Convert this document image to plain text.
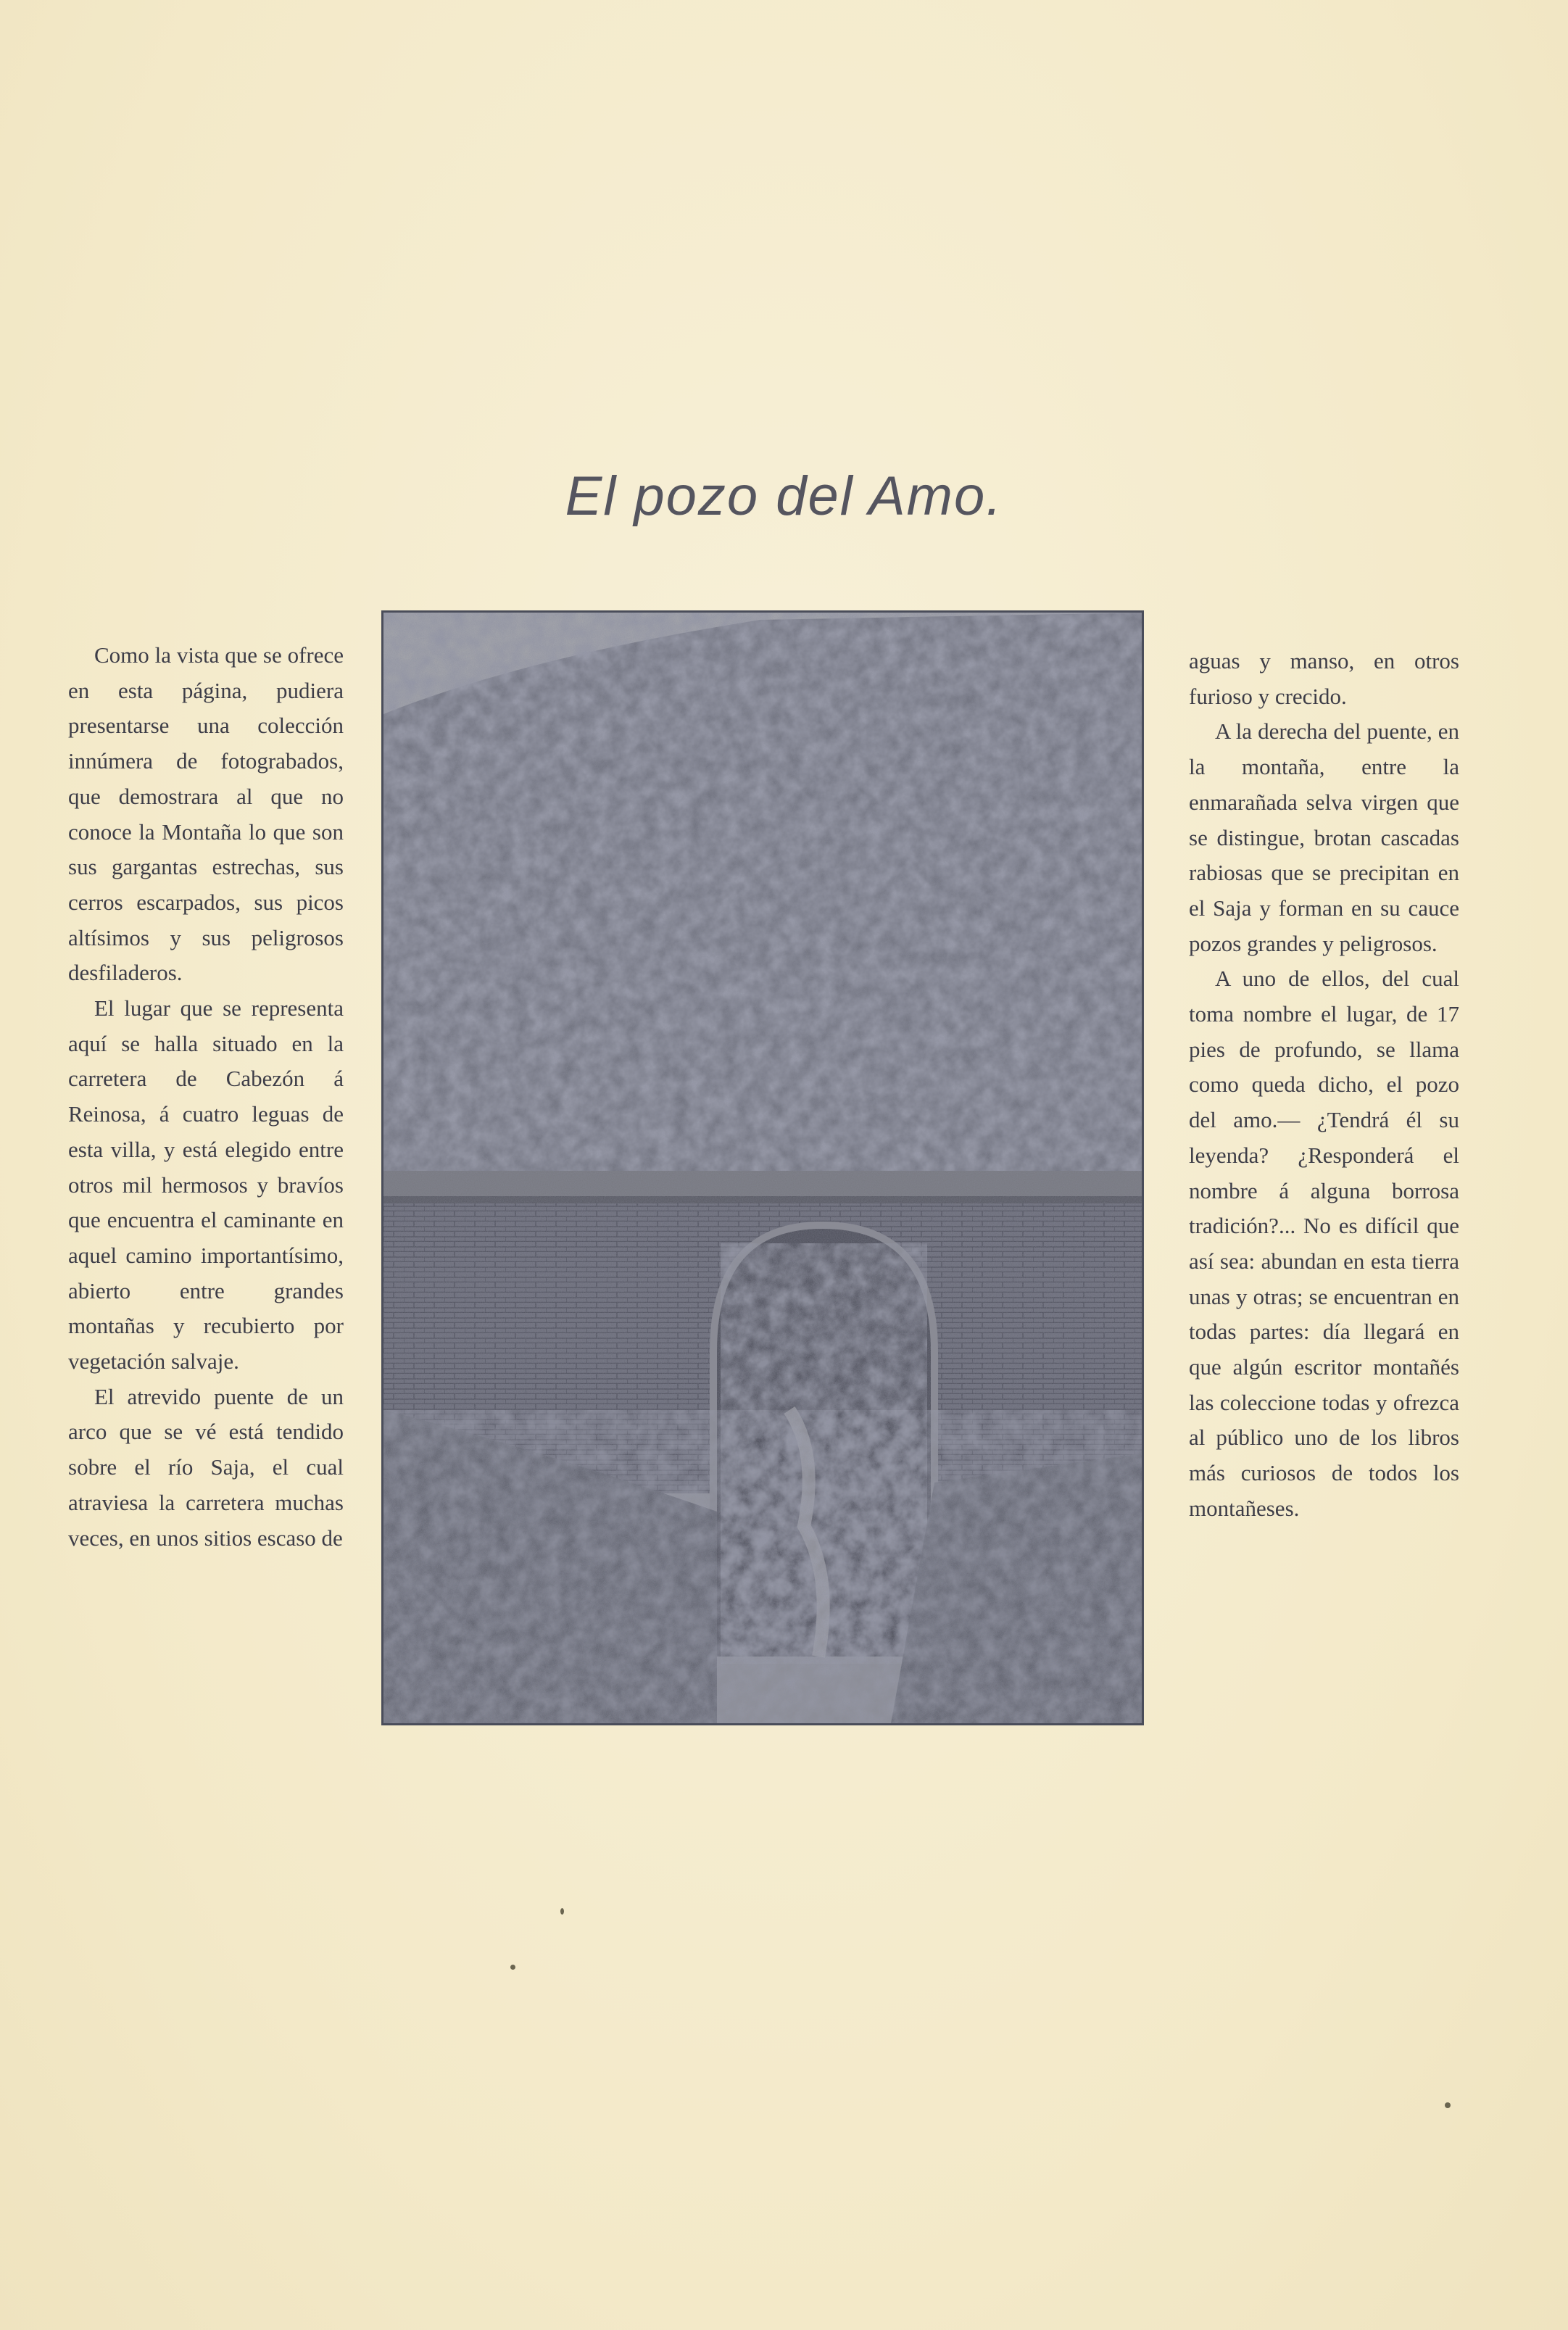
El pozo del Amo.

Como la vista que se ofrece en esta página, pudiera presentarse una colección innúmera de fotograbados, que demostrara al que no conoce la Montaña lo que son sus gargantas estrechas, sus cerros escarpados, sus picos altísimos y sus peligrosos desfiladeros.

El lugar que se representa aquí se halla situado en la carretera de Cabezón á Reinosa, á cuatro leguas de esta villa, y está elegido entre otros mil hermosos y bravíos que encuentra el caminante en aquel camino importantísimo, abierto entre grandes montañas y recubierto por vegetación salvaje.

El atrevido puente de un arco que se vé está tendido sobre el río Saja, el cual atraviesa la carretera muchas veces, en unos sitios escaso de

aguas y manso, en otros furioso y crecido.

A la derecha del puente, en la montaña, entre la enmarañada selva virgen que se distingue, brotan cascadas rabiosas que se precipitan en el Saja y forman en su cauce pozos grandes y peligrosos.

A uno de ellos, del cual toma nombre el lugar, de 17 pies de profundo, se llama como queda dicho, el pozo del amo.— ¿Tendrá él su leyenda? ¿Responderá el nombre á alguna borrosa tradición?... No es difícil que así sea: abundan en esta tierra unas y otras; se encuentran en todas partes: día llegará en que algún escritor montañés las coleccione todas y ofrezca al público uno de los libros más curiosos de todos los montañeses.
